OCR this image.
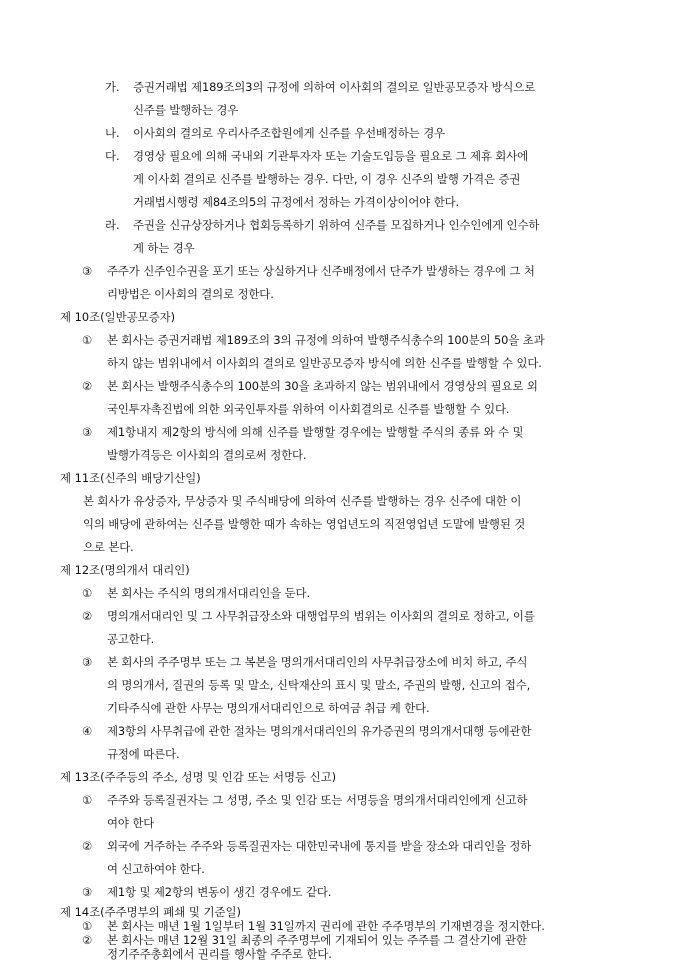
가. 증권거래법 제189조의3의 규정에 의하여 이사회의 결의로 일반공모증자 방식으로
신주를 발행하는 경우
나. 이사회의 결의로 우리사주조합원에게 신주를 우선배정하는 경우
다. 경영상 필요에 의해 국내외 기관투자자 또는 기술도입등을 필요로 그 제휴 회사에
게 이사회 결의로 신주를 발행하는 경우. 다만, 이 경우 신주의 발행 가격은 증권
거래법시행령 제84조의5의 규정에서 정하는 가격이상이어야 한다.
라. 주권을 신규상장하거나 협회등록하기 위하여 신주를 모집하거나 인수인에게 인수하
게 하는 경우
③ 주주가 신주인수권을 포기 또는 상실하거나 신주배정에서 단주가 발생하는 경우에 그 처
리방법은 이사회의 결의로 정한다.
제 10조(일반공모증자)
① 본 회사는 증권거래법 제189조의 3의 규정에 의하여 발행주식총수의 100분의 50을 초과
하지 않는 범위내에서 이사회의 결의로 일반공모증자 방식에 의한 신주를 발행할 수 있다.
② 본 회사는 발행주식총수의 100분의 30을 초과하지 않는 범위내에서 경영상의 필요로 외
국인투자촉진법에 의한 외국인투자를 위하여 이사회결의로 신주를 발행할 수 있다.
③ 제1항내지 제2항의 방식에 의해 신주를 발행할 경우에는 발행할 주식의 종류 와 수 및
발행가격등은 이사회의 결의로써 정한다.
제 11조(신주의 배당기산일)
본 회사가 유상증자, 무상증자 및 주식배당에 의하여 신주를 발행하는 경우 신주에 대한 이
익의 배당에 관하여는 신주를 발행한 때가 속하는 영업년도의 직전영업년 도말에 발행된 것
으로 본다.
제 12조(명의개서 대리인)
① 본 회사는 주식의 명의개서대리인을 둔다.
② 명의개서대리인 및 그 사무취급장소와 대행업무의 범위는 이사회의 결의로 정하고, 이를
공고한다.
③ 본 회사의 주주명부 또는 그 복본을 명의개서대리인의 사무취급장소에 비치 하고, 주식
의 명의개서, 질권의 등록 및 말소, 신탁재산의 표시 및 말소, 주권의 발행, 신고의 접수,
기타주식에 관한 사무는 명의개서대리인으로 하여금 취급 케 한다.
④ 제3항의 사무취급에 관한 절차는 명의개서대리인의 유가증권의 명의개서대행 등에관한
규정에 따른다.
제 13조(주주등의 주소, 성명 및 인감 또는 서명등 신고)
① 주주와 등록질권자는 그 성명, 주소 및 인감 또는 서명등을 명의개서대리인에게 신고하
여야 한다
② 외국에 거주하는 주주와 등록질권자는 대한민국내에 통지를 받을 장소와 대리인을 정하
여 신고하여야 한다.
③ 제1항 및 제2항의 변동이 생긴 경우에도 같다.
제 14조(주주명부의 폐쇄 및 기준일)
① 본 회사는 매년 1월 1일부터 1월 31일까지 권리에 관한 주주명부의 기재변경을 정지한다.
② 본 회사는 매년 12월 31일 최종의 주주명부에 기재되어 있는 주주를 그 결산기에 관한
정기주주총회에서 권리를 행사할 주주로 한다.
